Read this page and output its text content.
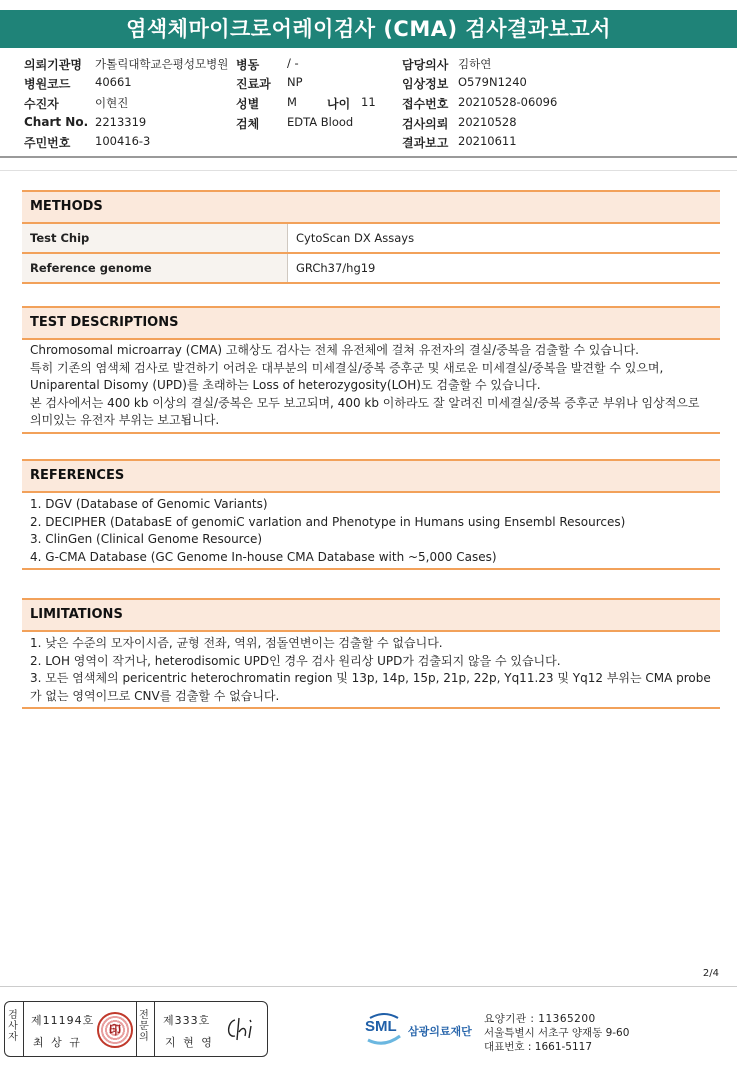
염색체마이크로어레이검사 (CMA) 검사결과보고서
의뢰기관명 가톨릭대학교은평성모병원 병동 / -	담당의사 김하연
병원코드 40661	진료과 NP	임상정보 O579N1240
수진자	이현진	성별 M	나이 11 접수번호 20210528-06096
Chart No. 2213319	검체 EDTA Blood	검사의뢰 20210528
주민번호 100416-3	결과보고 20210611
METHODS
Test Chip	CytoScan DX Assays
Reference genome	GRCh37/hg19
TEST DESCRIPTIONS

Chromosomal microarray (CMA) 고해상도 검사는 전체 유전체에 걸쳐 유전자의 결실/중복을 검출할 수 있습니다.

특히 기존의 염색체 검사로 발견하기 어려운 대부분의 미세결실/중복 증후군 및 새로운 미세결실/중복을 발견할 수 있으며, Uniparental Disomy (UPD)를 초래하는 Loss of heterozygosity(LOH)도 검출할 수 있습니다.

본 검사에서는 400 kb 이상의 결실/중복은 모두 보고되며, 400 kb 이하라도 잘 알려진 미세결실/중복 증후군 부위나 임상적으로 의미있는 유전자 부위는 보고됩니다.

REFERENCES

1. DGV (Database of Genomic Variants)

2. DECIPHER (DatabasE of genomiC varIation and Phenotype in Humans using Ensembl Resources)

3. ClinGen (Clinical Genome Resource)

4. G-CMA Database (GC Genome In-house CMA Database with ~5,000 Cases)

LIMITATIONS

1. 낮은 수준의 모자이시즘, 균형 전좌, 역위, 점돌연변이는 검출할 수 없습니다.

2. LOH 영역이 작거나, heterodisomic UPD인 경우 검사 원리상 UPD가 검출되지 않을 수 있습니다.

3. 모든 염색체의 pericentric heterochromatin region 및 13p, 14p, 15p, 21p, 22p, Yq11.23 및 Yq12 부위는 CMA probe가 없는 영역이므로 CNV를 검출할 수 없습니다.

2/4
검사자
제11194호
최 상 규
印
전문의
제333호
지 현 영
SML 삼광의료재단
요양기관 : 11365200
서울특별시 서초구 양재동 9-60
대표번호 : 1661-5117
